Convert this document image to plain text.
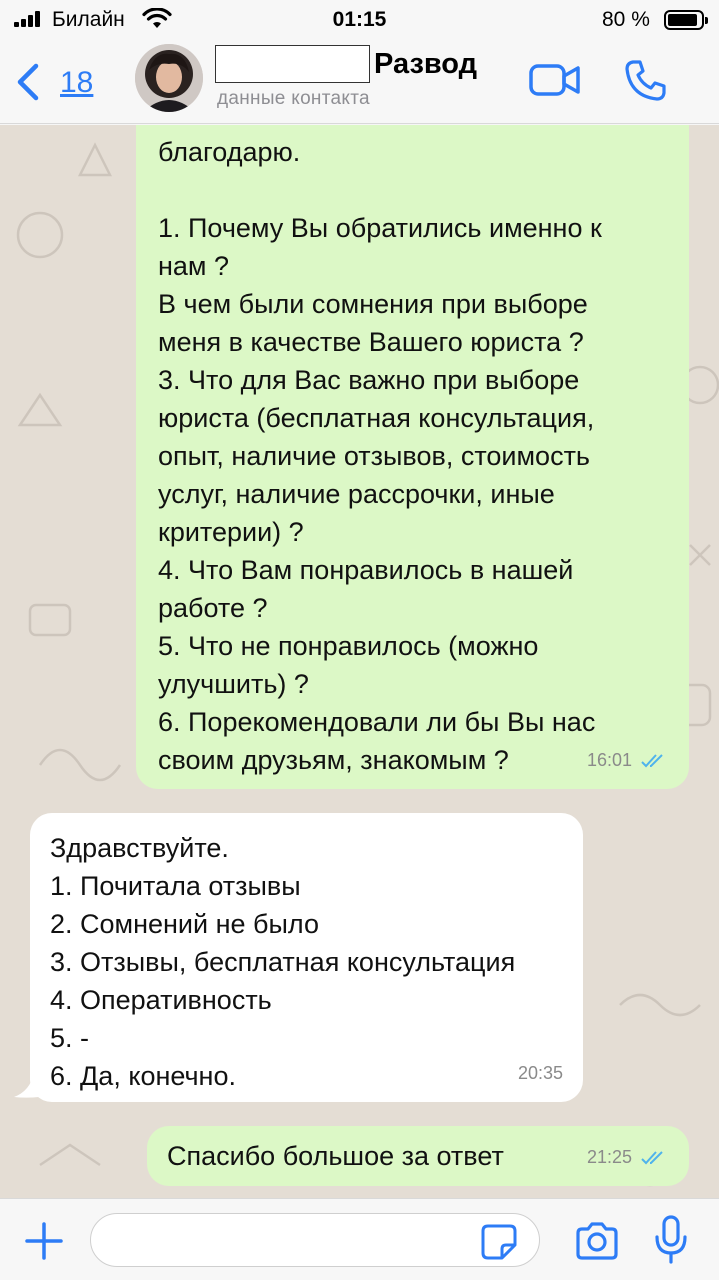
Билайн	01:15	80 %
18
Развод
данные контакта
благодарю.

1. Почему Вы обратились именно к
нам ?
В чем были сомнения при выборе
меня в качестве Вашего юриста ?
3. Что для Вас важно при выборе
юриста (бесплатная консультация,
опыт, наличие отзывов, стоимость
услуг, наличие рассрочки, иные
критерии) ?
4. Что Вам понравилось в нашей
работе ?
5. Что не понравилось (можно
улучшить) ?
6. Порекомендовали ли бы Вы нас
своим друзьям, знакомым ?	16:01
Здравствуйте.
1. Почитала отзывы
2. Сомнений не было
3. Отзывы, бесплатная консультация
4. Оперативность
5. -
6. Да, конечно.	20:35
Спасибо большое за ответ	21:25
